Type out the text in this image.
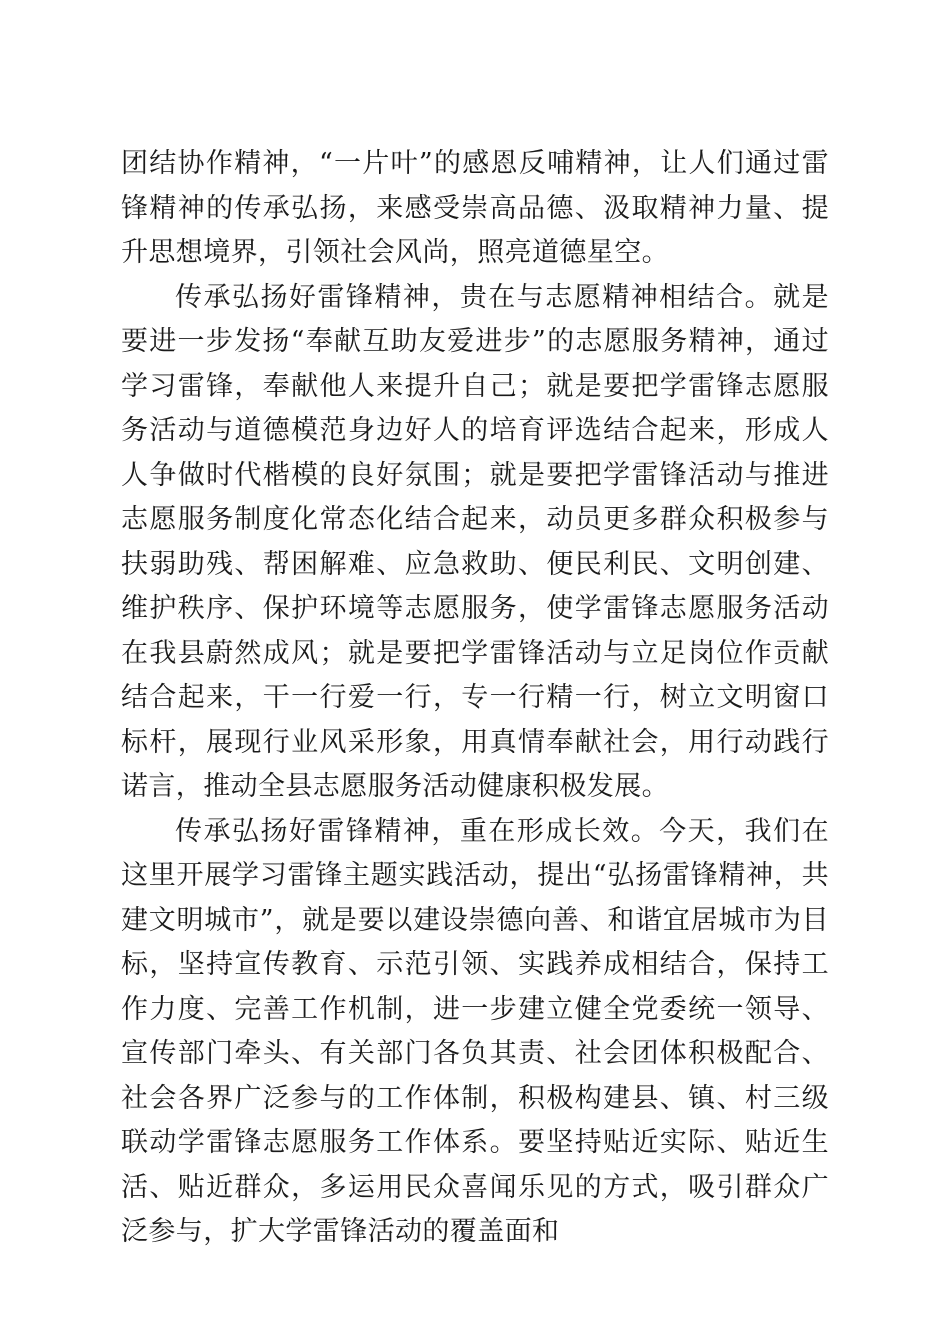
团结协作精神，“一片叶”的感恩反哺精神，让人们通过雷锋精神的传承弘扬，来感受崇高品德、汲取精神力量、提升思想境界，引领社会风尚，照亮道德星空。

传承弘扬好雷锋精神，贵在与志愿精神相结合。就是要进一步发扬“奉献互助友爱进步”的志愿服务精神，通过学习雷锋，奉献他人来提升自己；就是要把学雷锋志愿服务活动与道德模范身边好人的培育评选结合起来，形成人人争做时代楷模的良好氛围；就是要把学雷锋活动与推进志愿服务制度化常态化结合起来，动员更多群众积极参与扶弱助残、帮困解难、应急救助、便民利民、文明创建、维护秩序、保护环境等志愿服务，使学雷锋志愿服务活动在我县蔚然成风；就是要把学雷锋活动与立足岗位作贡献结合起来，干一行爱一行，专一行精一行，树立文明窗口标杆，展现行业风采形象，用真情奉献社会，用行动践行诺言，推动全县志愿服务活动健康积极发展。

传承弘扬好雷锋精神，重在形成长效。今天，我们在这里开展学习雷锋主题实践活动，提出“弘扬雷锋精神，共建文明城市”，就是要以建设崇德向善、和谐宜居城市为目标，坚持宣传教育、示范引领、实践养成相结合，保持工作力度、完善工作机制，进一步建立健全党委统一领导、宣传部门牵头、有关部门各负其责、社会团体积极配合、社会各界广泛参与的工作体制，积极构建县、镇、村三级联动学雷锋志愿服务工作体系。要坚持贴近实际、贴近生活、贴近群众，多运用民众喜闻乐见的方式，吸引群众广泛参与，扩大学雷锋活动的覆盖面和
